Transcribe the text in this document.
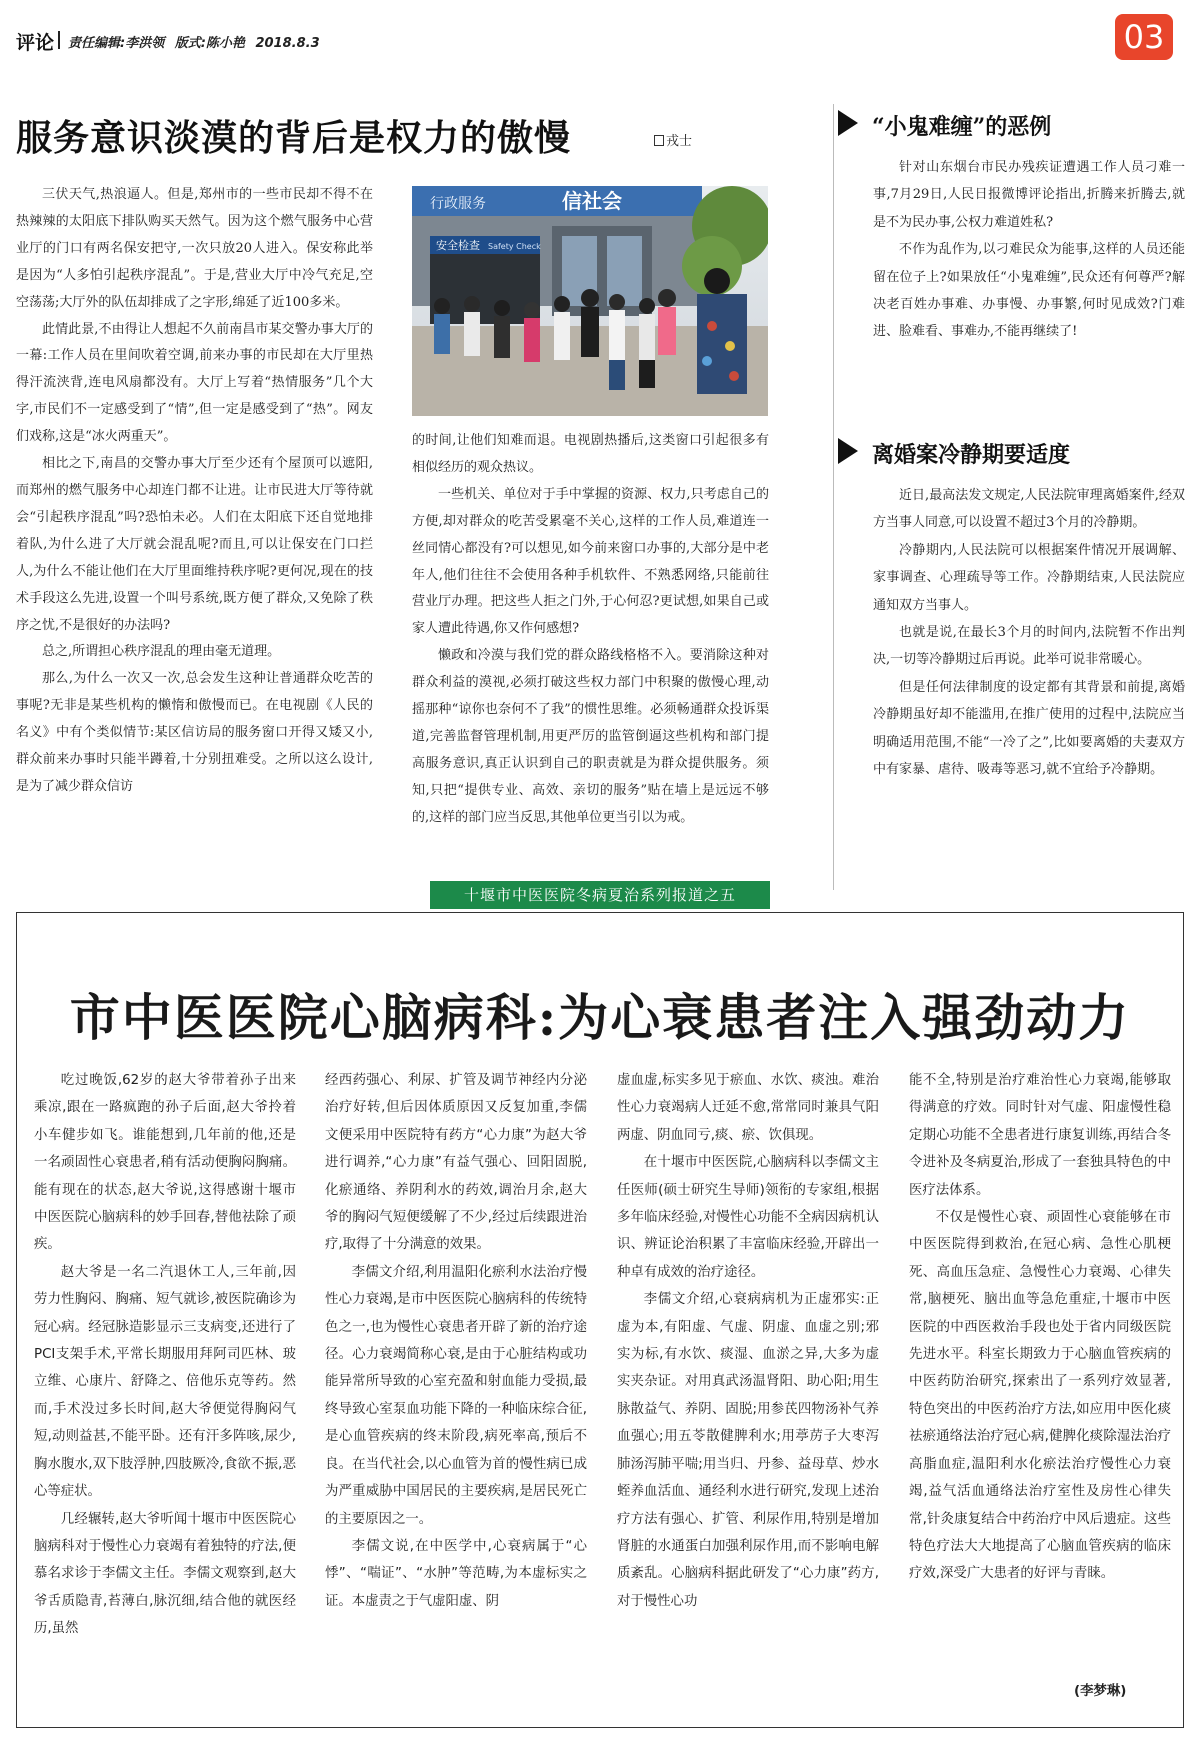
评论 责任编辑:李洪领 版式:陈小艳 2018.8.3	03
服务意识淡漠的背后是权力的傲慢	戎士

三伏天气,热浪逼人。但是,郑州市的一些市民却不得不在热辣辣的太阳底下排队购买天然气。因为这个燃气服务中心营业厅的门口有两名保安把守,一次只放20人进入。保安称此举是因为“人多怕引起秩序混乱”。于是,营业大厅中冷气充足,空空荡荡;大厅外的队伍却排成了之字形,绵延了近100多米。

此情此景,不由得让人想起不久前南昌市某交警办事大厅的一幕:工作人员在里间吹着空调,前来办事的市民却在大厅里热得汗流浃背,连电风扇都没有。大厅上写着“热情服务”几个大字,市民们不一定感受到了“情”,但一定是感受到了“热”。网友们戏称,这是“冰火两重天”。

相比之下,南昌的交警办事大厅至少还有个屋顶可以遮阳,而郑州的燃气服务中心却连门都不让进。让市民进大厅等待就会“引起秩序混乱”吗?恐怕未必。人们在太阳底下还自觉地排着队,为什么进了大厅就会混乱呢?而且,可以让保安在门口拦人,为什么不能让他们在大厅里面维持秩序呢?更何况,现在的技术手段这么先进,设置一个叫号系统,既方便了群众,又免除了秩序之忧,不是很好的办法吗?

总之,所谓担心秩序混乱的理由毫无道理。

那么,为什么一次又一次,总会发生这种让普通群众吃苦的事呢?无非是某些机构的懒惰和傲慢而已。在电视剧《人民的名义》中有个类似情节:某区信访局的服务窗口开得又矮又小,群众前来办事时只能半蹲着,十分别扭难受。之所以这么设计,是为了减少群众信访

信社会
行政服务
安全检查 Safety Check

的时间,让他们知难而退。电视剧热播后,这类窗口引起很多有相似经历的观众热议。

一些机关、单位对于手中掌握的资源、权力,只考虑自己的方便,却对群众的吃苦受累毫不关心,这样的工作人员,难道连一丝同情心都没有?可以想见,如今前来窗口办事的,大部分是中老年人,他们往往不会使用各种手机软件、不熟悉网络,只能前往营业厅办理。把这些人拒之门外,于心何忍?更试想,如果自己或家人遭此待遇,你又作何感想?

懒政和冷漠与我们党的群众路线格格不入。要消除这种对群众利益的漠视,必须打破这些权力部门中积聚的傲慢心理,动摇那种“谅你也奈何不了我”的惯性思维。必须畅通群众投诉渠道,完善监督管理机制,用更严厉的监管倒逼这些机构和部门提高服务意识,真正认识到自己的职责就是为群众提供服务。须知,只把“提供专业、高效、亲切的服务”贴在墙上是远远不够的,这样的部门应当反思,其他单位更当引以为戒。

“小鬼难缠”的恶例

针对山东烟台市民办残疾证遭遇工作人员刁难一事,7月29日,人民日报微博评论指出,折腾来折腾去,就是不为民办事,公权力难道姓私?

不作为乱作为,以刁难民众为能事,这样的人员还能留在位子上?如果放任“小鬼难缠”,民众还有何尊严?解决老百姓办事难、办事慢、办事繁,何时见成效?门难进、脸难看、事难办,不能再继续了!

离婚案冷静期要适度

近日,最高法发文规定,人民法院审理离婚案件,经双方当事人同意,可以设置不超过3个月的冷静期。

冷静期内,人民法院可以根据案件情况开展调解、家事调查、心理疏导等工作。冷静期结束,人民法院应通知双方当事人。

也就是说,在最长3个月的时间内,法院暂不作出判决,一切等冷静期过后再说。此举可说非常暖心。

但是任何法律制度的设定都有其背景和前提,离婚冷静期虽好却不能滥用,在推广使用的过程中,法院应当明确适用范围,不能“一冷了之”,比如要离婚的夫妻双方中有家暴、虐待、吸毒等恶习,就不宜给予冷静期。

十堰市中医医院冬病夏治系列报道之五
市中医医院心脑病科:为心衰患者注入强劲动力

吃过晚饭,62岁的赵大爷带着孙子出来乘凉,跟在一路疯跑的孙子后面,赵大爷拎着小车健步如飞。谁能想到,几年前的他,还是一名顽固性心衰患者,稍有活动便胸闷胸痛。能有现在的状态,赵大爷说,这得感谢十堰市中医医院心脑病科的妙手回春,替他祛除了顽疾。

赵大爷是一名二汽退休工人,三年前,因劳力性胸闷、胸痛、短气就诊,被医院确诊为冠心病。经冠脉造影显示三支病变,还进行了PCI支架手术,平常长期服用拜阿司匹林、玻立维、心康片、舒降之、倍他乐克等药。然而,手术没过多长时间,赵大爷便觉得胸闷气短,动则益甚,不能平卧。还有汗多阵咳,尿少,胸水腹水,双下肢浮肿,四肢厥冷,食欲不振,恶心等症状。

几经辗转,赵大爷听闻十堰市中医医院心脑病科对于慢性心力衰竭有着独特的疗法,便慕名求诊于李儒文主任。李儒文观察到,赵大爷舌质隐青,苔薄白,脉沉细,结合他的就医经历,虽然

经西药强心、利尿、扩管及调节神经内分泌治疗好转,但后因体质原因又反复加重,李儒文便采用中医院特有药方“心力康”为赵大爷进行调养,“心力康”有益气强心、回阳固脱,化瘀通络、养阴利水的药效,调治月余,赵大爷的胸闷气短便缓解了不少,经过后续跟进治疗,取得了十分满意的效果。

李儒文介绍,利用温阳化瘀利水法治疗慢性心力衰竭,是市中医医院心脑病科的传统特色之一,也为慢性心衰患者开辟了新的治疗途径。心力衰竭简称心衰,是由于心脏结构或功能异常所导致的心室充盈和射血能力受损,最终导致心室泵血功能下降的一种临床综合征,是心血管疾病的终末阶段,病死率高,预后不良。在当代社会,以心血管为首的慢性病已成为严重威胁中国居民的主要疾病,是居民死亡的主要原因之一。

李儒文说,在中医学中,心衰病属于“心悸”、“喘证”、“水肿”等范畴,为本虚标实之证。本虚责之于气虚阳虚、阴

虚血虚,标实多见于瘀血、水饮、痰浊。难治性心力衰竭病人迁延不愈,常常同时兼具气阳两虚、阴血同亏,痰、瘀、饮俱现。

在十堰市中医医院,心脑病科以李儒文主任医师(硕士研究生导师)领衔的专家组,根据多年临床经验,对慢性心功能不全病因病机认识、辨证论治积累了丰富临床经验,开辟出一种卓有成效的治疗途径。

李儒文介绍,心衰病病机为正虚邪实:正虚为本,有阳虚、气虚、阴虚、血虚之别;邪实为标,有水饮、痰湿、血淤之异,大多为虚实夹杂证。对用真武汤温肾阳、助心阳;用生脉散益气、养阴、固脱;用参芪四物汤补气养血强心;用五苓散健脾利水;用葶苈子大枣泻肺汤泻肺平喘;用当归、丹参、益母草、炒水蛭养血活血、通经利水进行研究,发现上述治疗方法有强心、扩管、利尿作用,特别是增加肾脏的水通蛋白加强利尿作用,而不影响电解质紊乱。心脑病科据此研发了“心力康”药方,对于慢性心功

能不全,特别是治疗难治性心力衰竭,能够取得满意的疗效。同时针对气虚、阳虚慢性稳定期心功能不全患者进行康复训练,再结合冬令进补及冬病夏治,形成了一套独具特色的中医疗法体系。

不仅是慢性心衰、顽固性心衰能够在市中医医院得到救治,在冠心病、急性心肌梗死、高血压急症、急慢性心力衰竭、心律失常,脑梗死、脑出血等急危重症,十堰市中医医院的中西医救治手段也处于省内同级医院先进水平。科室长期致力于心脑血管疾病的中医药防治研究,探索出了一系列疗效显著,特色突出的中医药治疗方法,如应用中医化痰祛瘀通络法治疗冠心病,健脾化痰除湿法治疗高脂血症,温阳利水化瘀法治疗慢性心力衰竭,益气活血通络法治疗室性及房性心律失常,针灸康复结合中药治疗中风后遗症。这些特色疗法大大地提高了心脑血管疾病的临床疗效,深受广大患者的好评与青睐。

(李梦琳)
